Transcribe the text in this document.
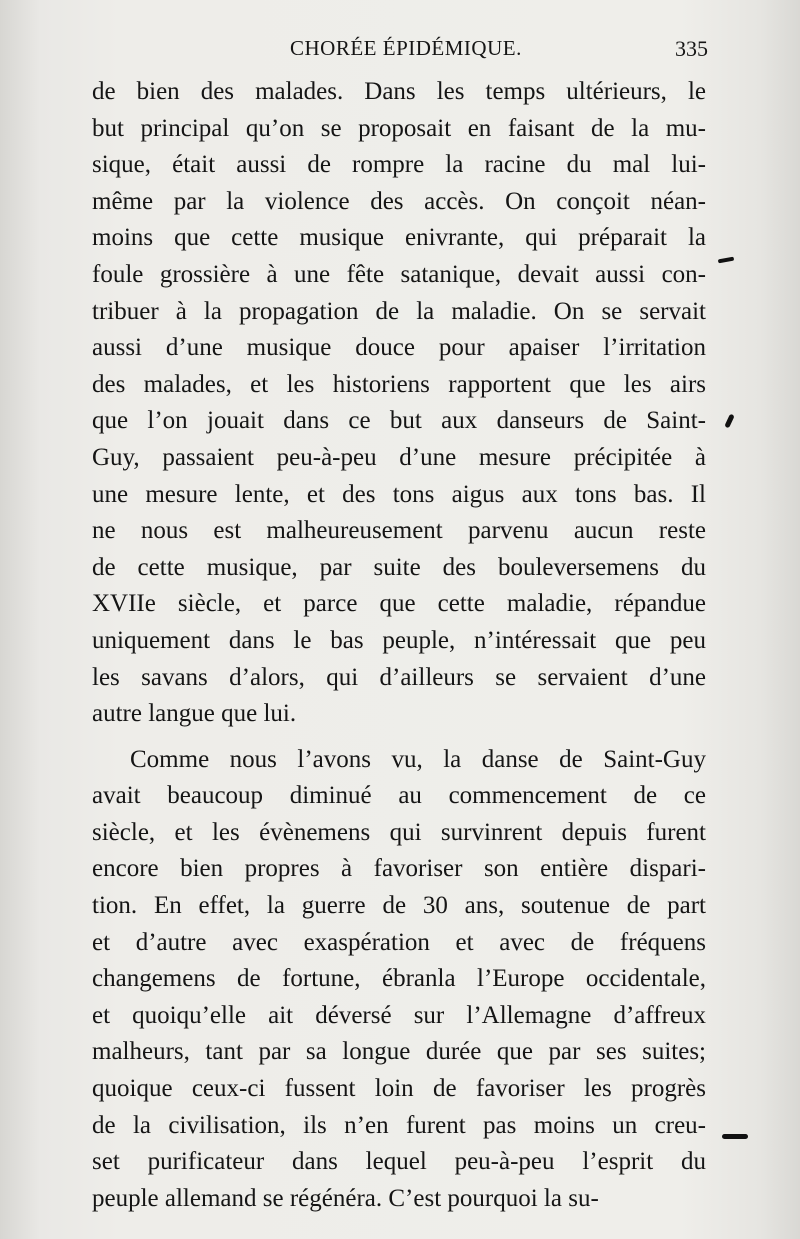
CHORÉE ÉPIDÉMIQUE.	335
de bien des malades. Dans les temps ultérieurs, le
but principal qu’on se proposait en faisant de la mu-
sique, était aussi de rompre la racine du mal lui-
même par la violence des accès. On conçoit néan-
moins que cette musique enivrante, qui préparait la
foule grossière à une fête satanique, devait aussi con-
tribuer à la propagation de la maladie. On se servait
aussi d’une musique douce pour apaiser l’irritation
des malades, et les historiens rapportent que les airs
que l’on jouait dans ce but aux danseurs de Saint-
Guy, passaient peu-à-peu d’une mesure précipitée à
une mesure lente, et des tons aigus aux tons bas. Il
ne nous est malheureusement parvenu aucun reste
de cette musique, par suite des bouleversemens du
XVIIe siècle, et parce que cette maladie, répandue
uniquement dans le bas peuple, n’intéressait que peu
les savans d’alors, qui d’ailleurs se servaient d’une
autre langue que lui.
Comme nous l’avons vu, la danse de Saint-Guy
avait beaucoup diminué au commencement de ce
siècle, et les évènemens qui survinrent depuis furent
encore bien propres à favoriser son entière dispari-
tion. En effet, la guerre de 30 ans, soutenue de part
et d’autre avec exaspération et avec de fréquens
changemens de fortune, ébranla l’Europe occidentale,
et quoiqu’elle ait déversé sur l’Allemagne d’affreux
malheurs, tant par sa longue durée que par ses suites;
quoique ceux-ci fussent loin de favoriser les progrès
de la civilisation, ils n’en furent pas moins un creu-
set purificateur dans lequel peu-à-peu l’esprit du
peuple allemand se régénéra. C’est pourquoi la su-
